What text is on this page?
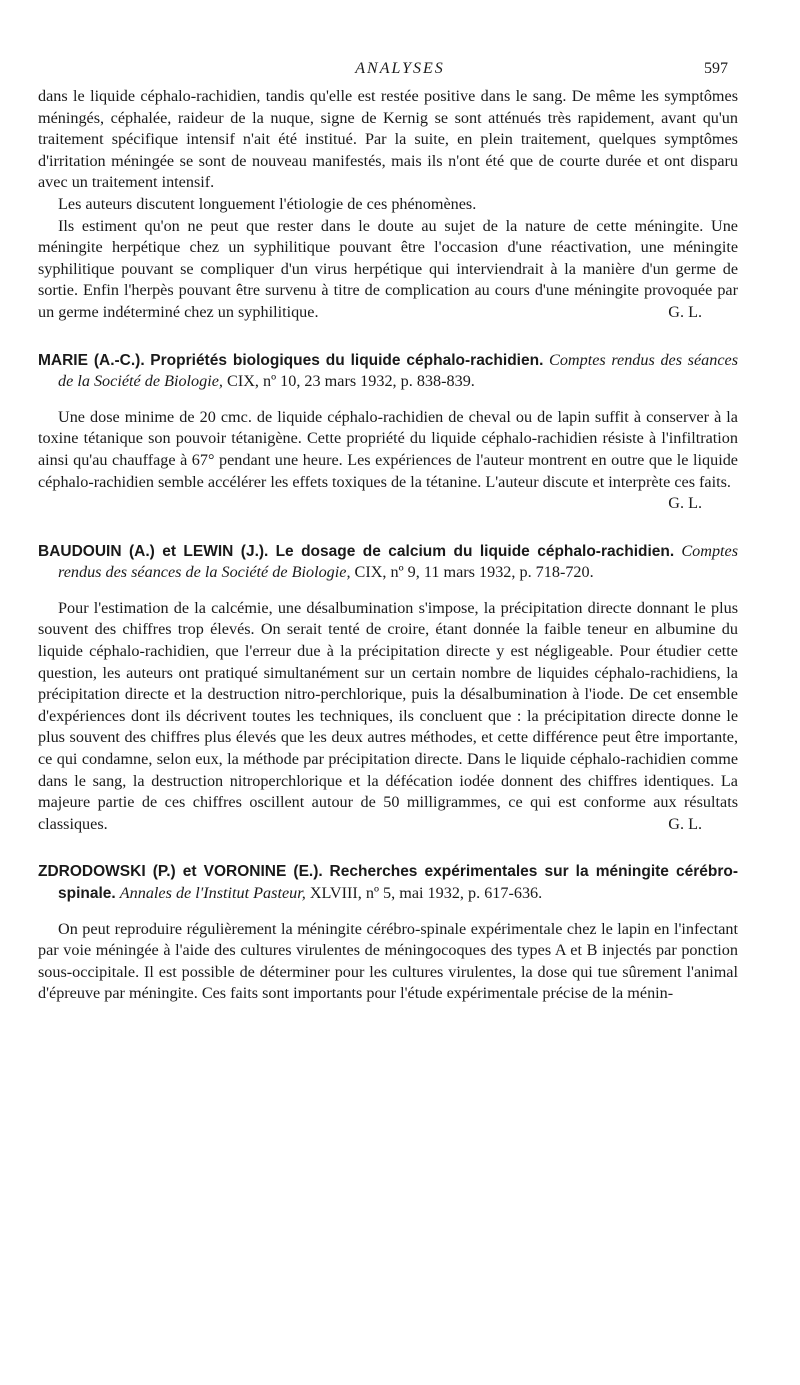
ANALYSES	597

dans le liquide céphalo-rachidien, tandis qu'elle est restée positive dans le sang. De même les symptômes méningés, céphalée, raideur de la nuque, signe de Kernig se sont atténués très rapidement, avant qu'un traitement spécifique intensif n'ait été institué. Par la suite, en plein traitement, quelques symptômes d'irritation méningée se sont de nouveau manifestés, mais ils n'ont été que de courte durée et ont disparu avec un traitement intensif.

Les auteurs discutent longuement l'étiologie de ces phénomènes.

Ils estiment qu'on ne peut que rester dans le doute au sujet de la nature de cette méningite. Une méningite herpétique chez un syphilitique pouvant être l'occasion d'une réactivation, une méningite syphilitique pouvant se compliquer d'un virus herpétique qui interviendrait à la manière d'un germe de sortie. Enfin l'herpès pouvant être survenu à titre de complication au cours d'une méningite provoquée par un germe indéterminé chez un syphilitique.	G. L.

MARIE (A.-C.). Propriétés biologiques du liquide céphalo-rachidien. Comptes rendus des séances de la Société de Biologie, CIX, nº 10, 23 mars 1932, p. 838-839.

Une dose minime de 20 cmc. de liquide céphalo-rachidien de cheval ou de lapin suffit à conserver à la toxine tétanique son pouvoir tétanigène. Cette propriété du liquide céphalo-rachidien résiste à l'infiltration ainsi qu'au chauffage à 67° pendant une heure. Les expériences de l'auteur montrent en outre que le liquide céphalo-rachidien semble accélérer les effets toxiques de la tétanine. L'auteur discute et interprète ces faits.
G. L.

BAUDOUIN (A.) et LEWIN (J.). Le dosage de calcium du liquide céphalo-rachidien. Comptes rendus des séances de la Société de Biologie, CIX, nº 9, 11 mars 1932, p. 718-720.

Pour l'estimation de la calcémie, une désalbumination s'impose, la précipitation directe donnant le plus souvent des chiffres trop élevés. On serait tenté de croire, étant donnée la faible teneur en albumine du liquide céphalo-rachidien, que l'erreur due à la précipitation directe y est négligeable. Pour étudier cette question, les auteurs ont pratiqué simultanément sur un certain nombre de liquides céphalo-rachidiens, la précipitation directe et la destruction nitro-perchlorique, puis la désalbumination à l'iode. De cet ensemble d'expériences dont ils décrivent toutes les techniques, ils concluent que : la précipitation directe donne le plus souvent des chiffres plus élevés que les deux autres méthodes, et cette différence peut être importante, ce qui condamne, selon eux, la méthode par précipitation directe. Dans le liquide céphalo-rachidien comme dans le sang, la destruction nitroperchlorique et la défécation iodée donnent des chiffres identiques. La majeure partie de ces chiffres oscillent autour de 50 milligrammes, ce qui est conforme aux résultats classiques.	G. L.

ZDRODOWSKI (P.) et VORONINE (E.). Recherches expérimentales sur la méningite cérébro-spinale. Annales de l'Institut Pasteur, XLVIII, nº 5, mai 1932, p. 617-636.

On peut reproduire régulièrement la méningite cérébro-spinale expérimentale chez le lapin en l'infectant par voie méningée à l'aide des cultures virulentes de méningocoques des types A et B injectés par ponction sous-occipitale. Il est possible de déterminer pour les cultures virulentes, la dose qui tue sûrement l'animal d'épreuve par méningite. Ces faits sont importants pour l'étude expérimentale précise de la ménin-
